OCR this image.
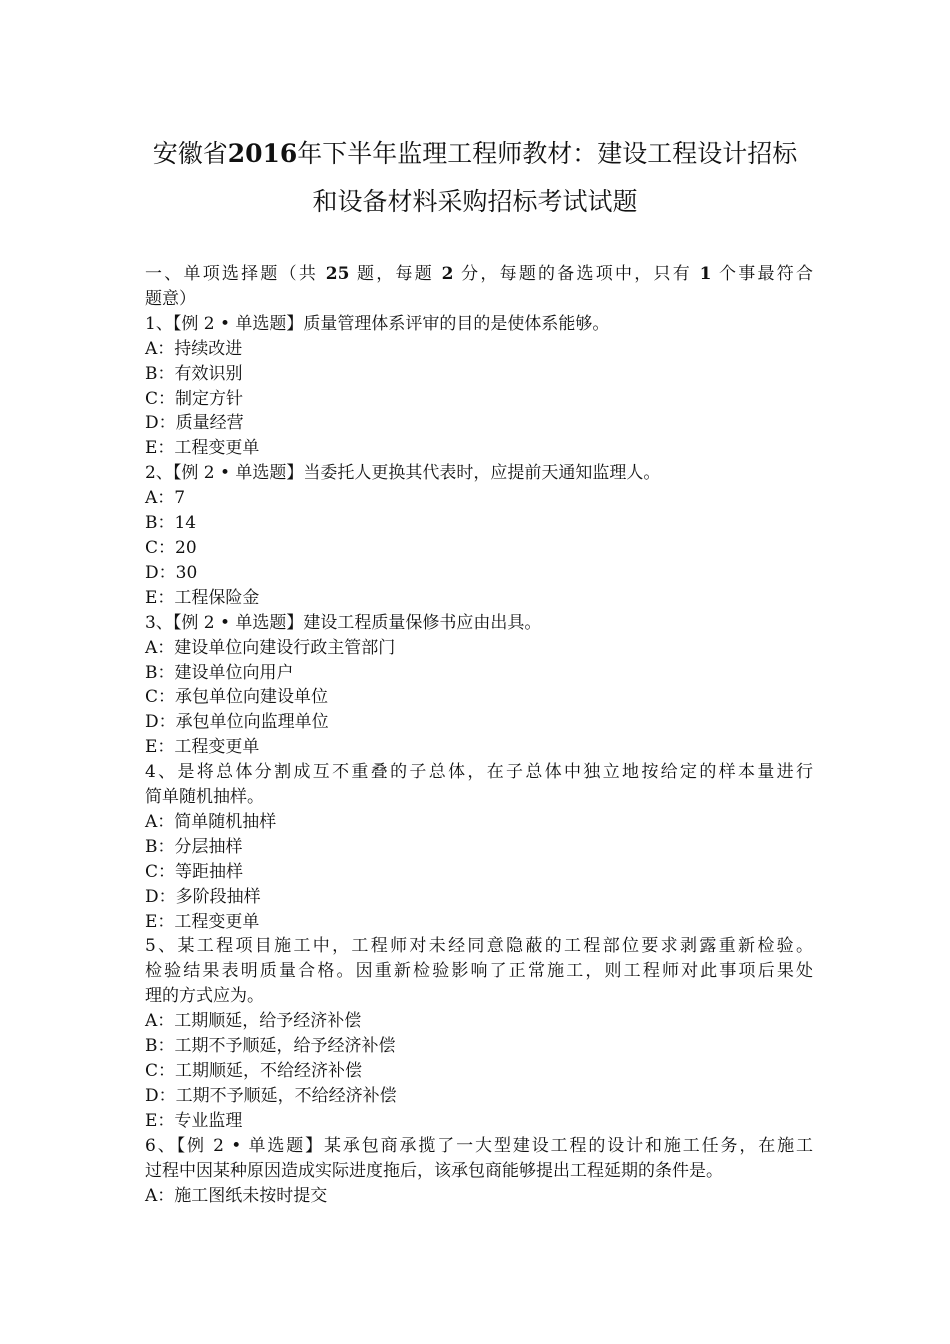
安徽省2016年下半年监理工程师教材：建设工程设计招标
和设备材料采购招标考试试题
一、单项选择题（共 25 题，每题 2 分，每题的备选项中，只有 1 个事最符合
题意）
1、【例 2 • 单选题】质量管理体系评审的目的是使体系能够。
A：持续改进
B：有效识别
C：制定方针
D：质量经营
E：工程变更单
2、【例 2 • 单选题】当委托人更换其代表时，应提前天通知监理人。
A：7
B：14
C：20
D：30
E：工程保险金
3、【例 2 • 单选题】建设工程质量保修书应由出具。
A：建设单位向建设行政主管部门
B：建设单位向用户
C：承包单位向建设单位
D：承包单位向监理单位
E：工程变更单
4、是将总体分割成互不重叠的子总体，在子总体中独立地按给定的样本量进行
简单随机抽样。
A：简单随机抽样
B：分层抽样
C：等距抽样
D：多阶段抽样
E：工程变更单
5、某工程项目施工中，工程师对未经同意隐蔽的工程部位要求剥露重新检验。
检验结果表明质量合格。因重新检验影响了正常施工，则工程师对此事项后果处
理的方式应为。
A：工期顺延，给予经济补偿
B：工期不予顺延，给予经济补偿
C：工期顺延，不给经济补偿
D：工期不予顺延，不给经济补偿
E：专业监理
6、【例 2 • 单选题】某承包商承揽了一大型建设工程的设计和施工任务，在施工
过程中因某种原因造成实际进度拖后，该承包商能够提出工程延期的条件是。
A：施工图纸未按时提交
